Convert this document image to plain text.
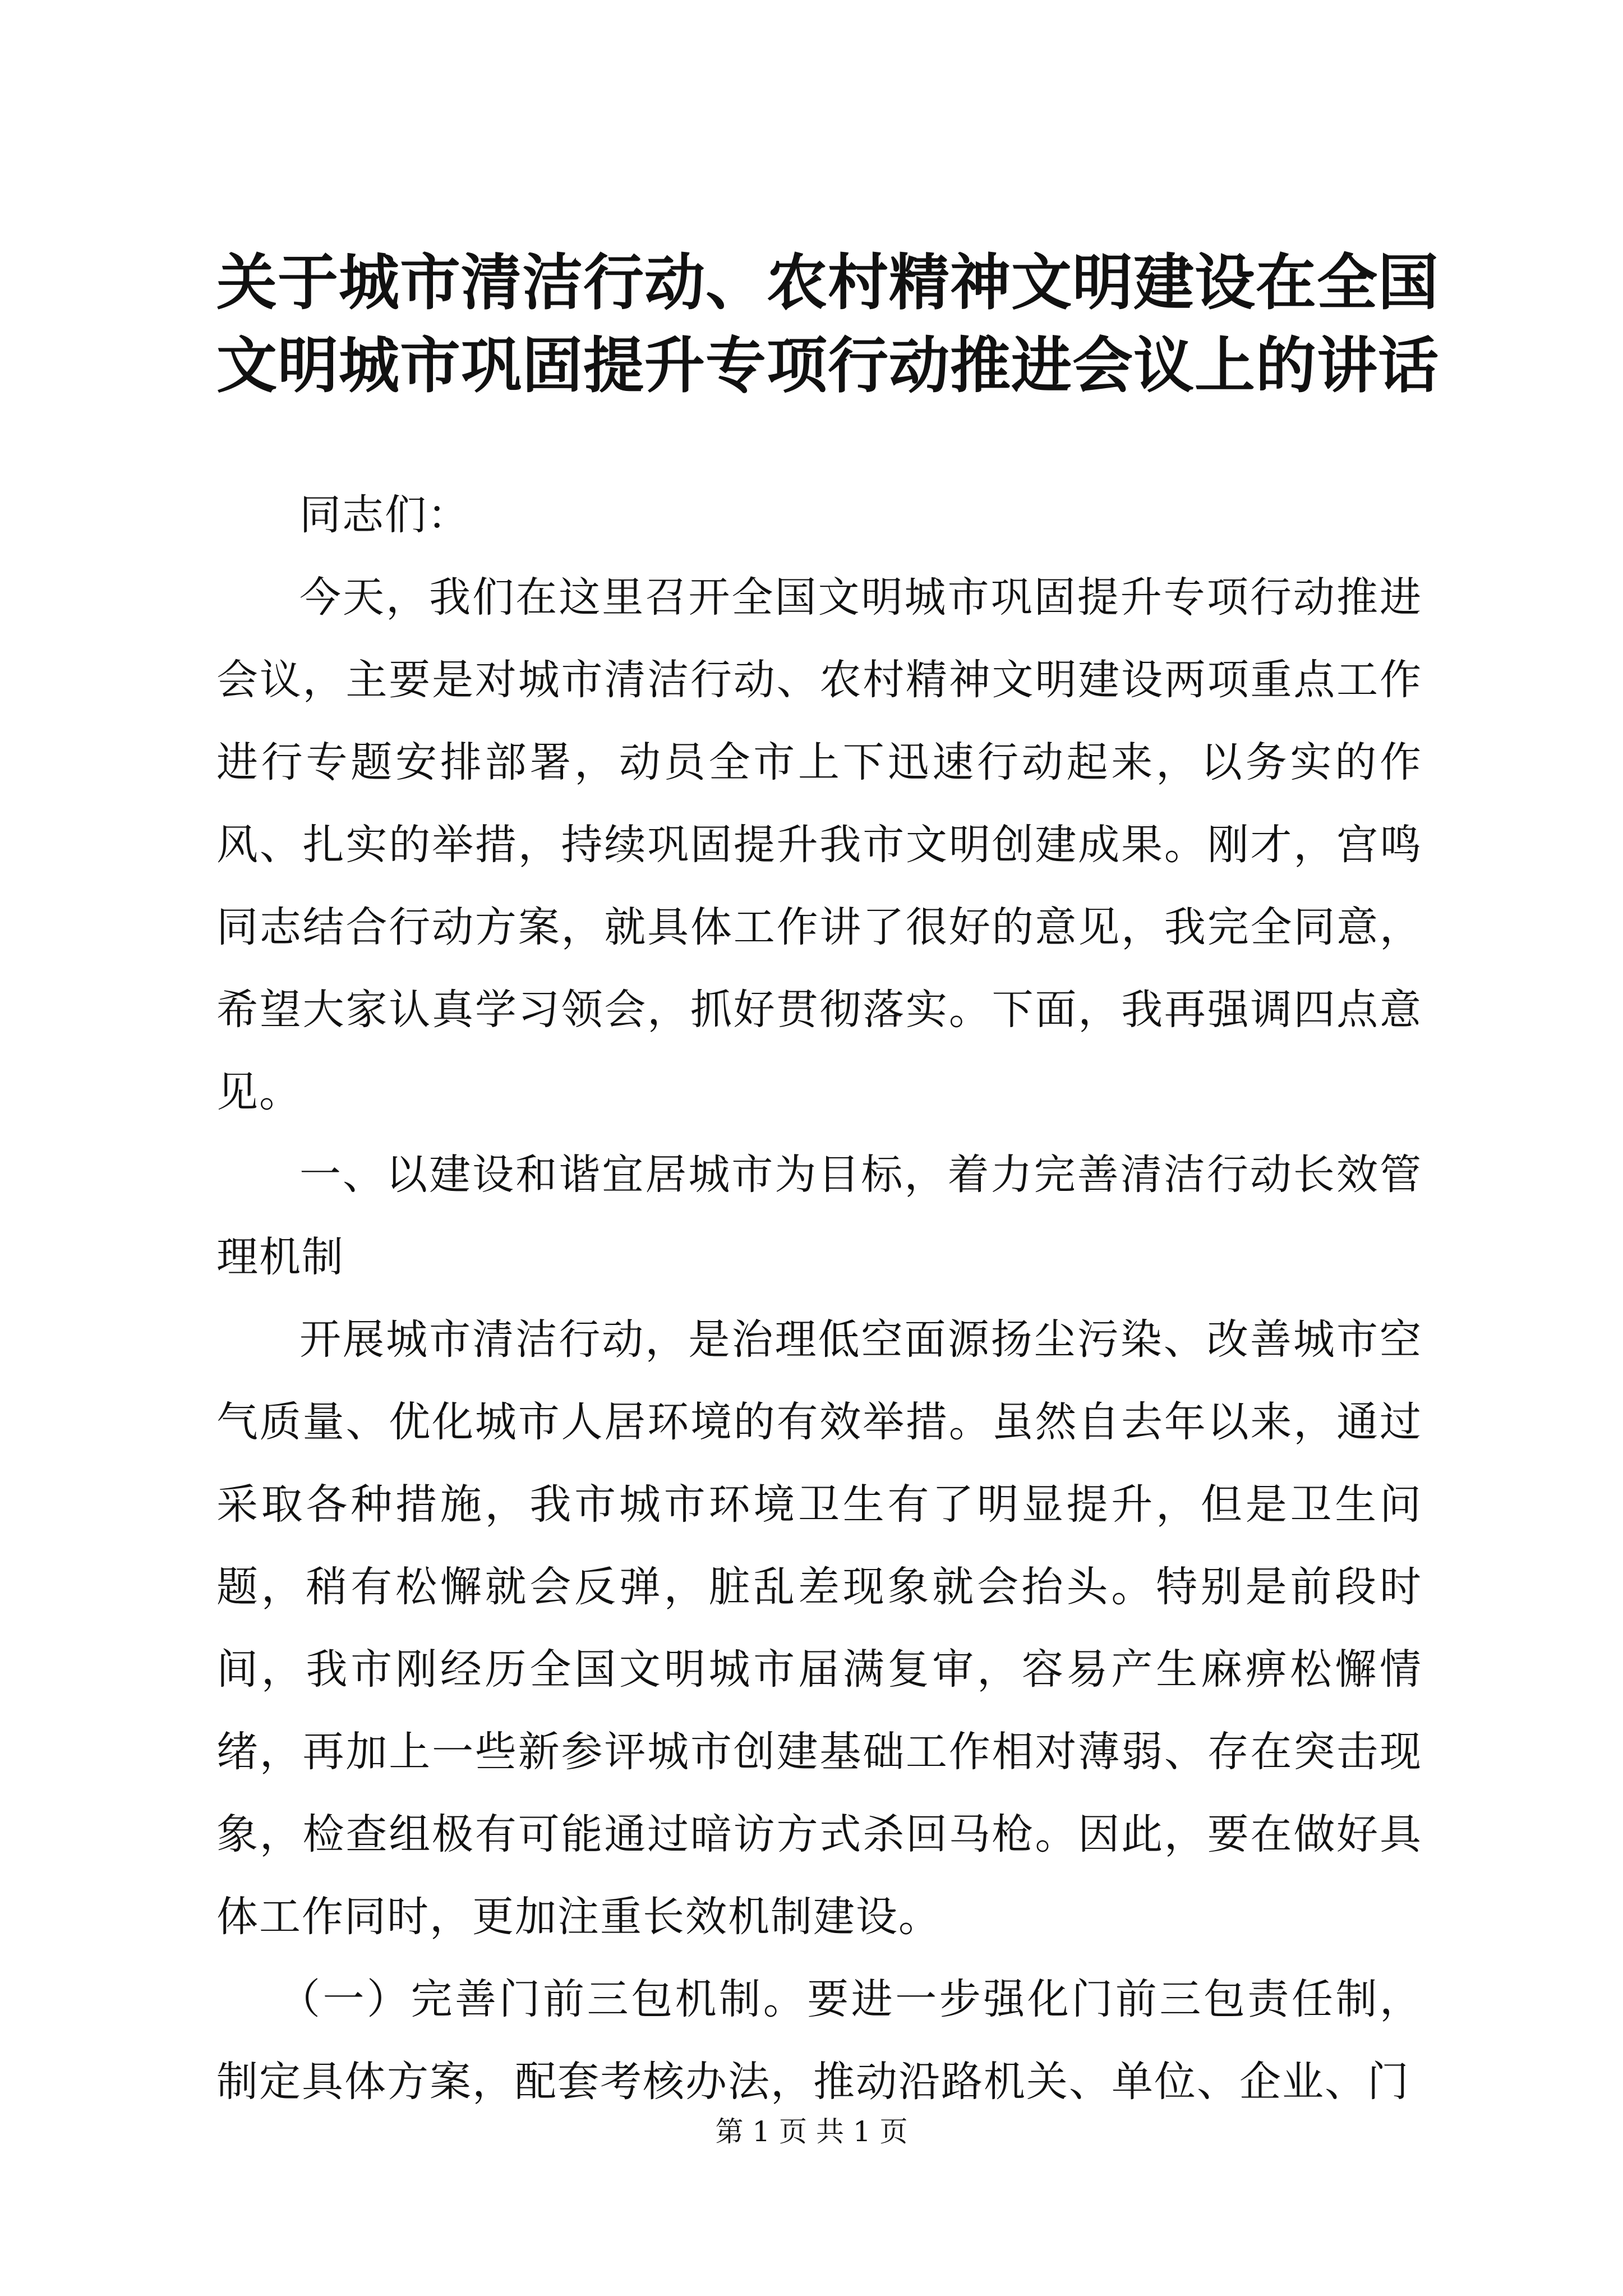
关于城市清洁行动、农村精神文明建设在全国
文明城市巩固提升专项行动推进会议上的讲话

同志们：

今天，我们在这里召开全国文明城市巩固提升专项行动推进会议，主要是对城市清洁行动、农村精神文明建设两项重点工作进行专题安排部署，动员全市上下迅速行动起来，以务实的作风、扎实的举措，持续巩固提升我市文明创建成果。刚才，宫鸣同志结合行动方案，就具体工作讲了很好的意见，我完全同意，希望大家认真学习领会，抓好贯彻落实。下面，我再强调四点意见。

一、以建设和谐宜居城市为目标，着力完善清洁行动长效管理机制

开展城市清洁行动，是治理低空面源扬尘污染、改善城市空气质量、优化城市人居环境的有效举措。虽然自去年以来，通过采取各种措施，我市城市环境卫生有了明显提升，但是卫生问题，稍有松懈就会反弹，脏乱差现象就会抬头。特别是前段时间，我市刚经历全国文明城市届满复审，容易产生麻痹松懈情绪，再加上一些新参评城市创建基础工作相对薄弱、存在突击现象，检查组极有可能通过暗访方式杀回马枪。因此，要在做好具体工作同时，更加注重长效机制建设。

（一）完善门前三包机制。要进一步强化门前三包责任制，制定具体方案，配套考核办法，推动沿路机关、单位、企业、门

第 1 页 共 1 页
